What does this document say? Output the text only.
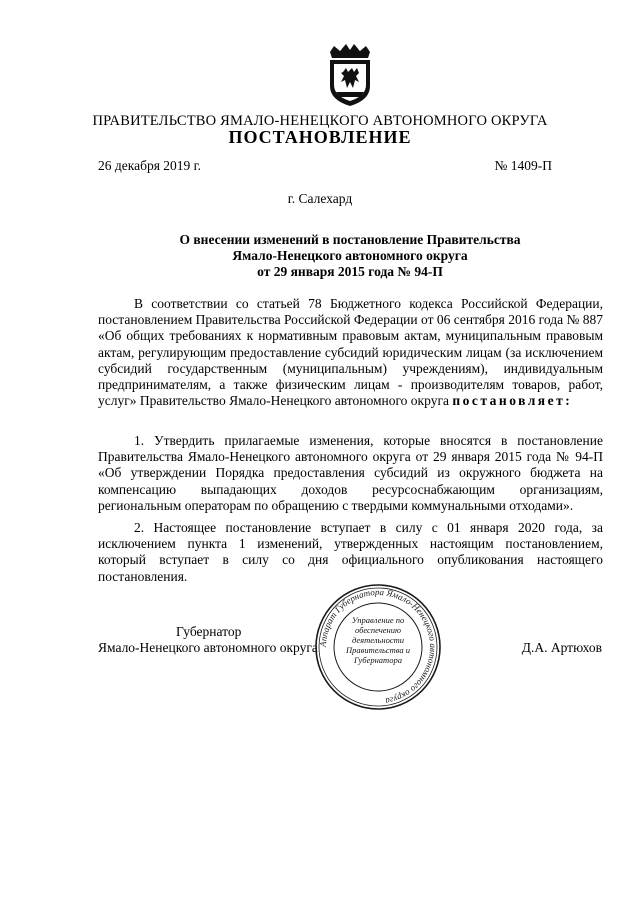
ПРАВИТЕЛЬСТВО ЯМАЛО-НЕНЕЦКОГО АВТОНОМНОГО ОКРУГА
ПОСТАНОВЛЕНИЕ
26 декабря 2019 г.	№ 1409-П
г. Салехард
О внесении изменений в постановление Правительства
Ямало-Ненецкого автономного округа
от 29 января 2015 года № 94-П
В соответствии со статьей 78 Бюджетного кодекса Российской Федерации, постановлением Правительства Российской Федерации от 06 сентября 2016 года № 887 «Об общих требованиях к нормативным правовым актам, муниципальным правовым актам, регулирующим предоставление субсидий юридическим лицам (за исключением субсидий государственным (муниципальным) учреждениям), индивидуальным предпринимателям, а также физическим лицам - производителям товаров, работ, услуг» Правительство Ямало-Ненецкого автономного округа постановляет:
1. Утвердить прилагаемые изменения, которые вносятся в постановление Правительства Ямало-Ненецкого автономного округа от 29 января 2015 года № 94-П «Об утверждении Порядка предоставления субсидий из окружного бюджета на компенсацию выпадающих доходов ресурсоснабжающим организациям, региональным операторам по обращению с твердыми коммунальными отходами».
2. Настоящее постановление вступает в силу с 01 января 2020 года, за исключением пункта 1 изменений, утвержденных настоящим постановлением, который вступает в силу со дня официального опубликования настоящего постановления.
Губернатор
Ямало-Ненецкого автономного округа	Д.А. Артюхов
Аппарат Губернатора Ямало-Ненецкого автономного округа
Управление по обеспечению деятельности Правительства и Губернатора
